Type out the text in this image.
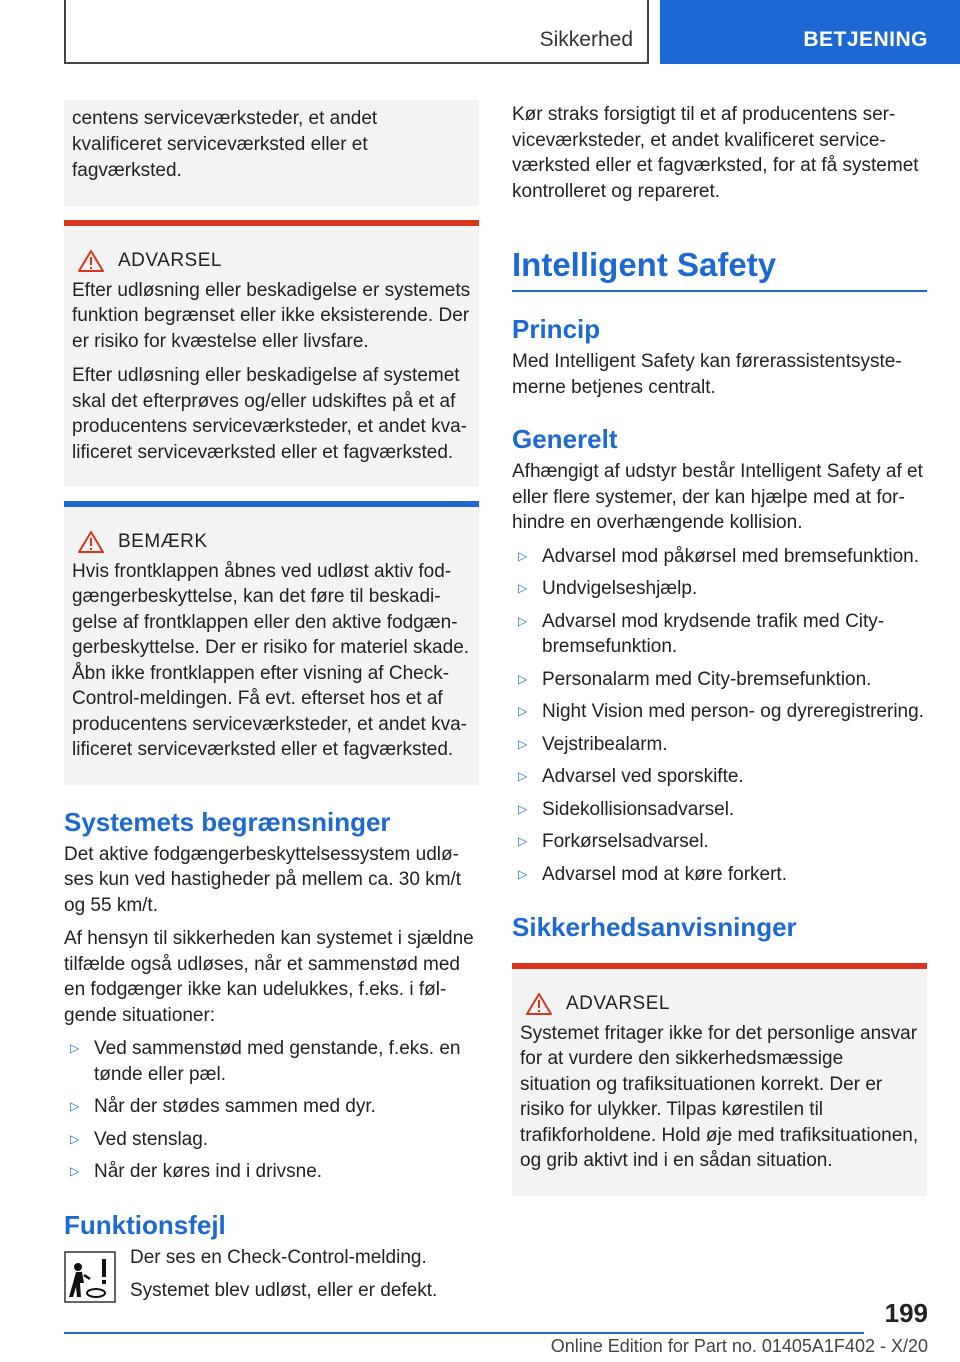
Sikkerhed	BETJENING
centens serviceværksteder, et andet kvalificeret serviceværksted eller et fagværksted.
ADVARSEL

Efter udløsning eller beskadigelse er systemets funktion begrænset eller ikke eksisterende. Der er risiko for kvæstelse eller livsfare.

Efter udløsning eller beskadigelse af systemet skal det efterprøves og/eller udskiftes på et af producentens serviceværksteder, et andet kvalificeret serviceværksted eller et fagværksted.

BEMÆRK

Hvis frontklappen åbnes ved udløst aktiv fodgængerbeskyttelse, kan det føre til beskadigelse af frontklappen eller den aktive fodgængerbeskyttelse. Der er risiko for materiel skade. Åbn ikke frontklappen efter visning af Check-Control-meldingen. Få evt. efterset hos et af producentens serviceværksteder, et andet kvalificeret serviceværksted eller et fagværksted.

Systemets begrænsninger

Det aktive fodgængerbeskyttelsessystem udløses kun ved hastigheder på mellem ca. 30 km/t og 55 km/t.

Af hensyn til sikkerheden kan systemet i sjældne tilfælde også udløses, når et sammenstød med en fodgænger ikke kan udelukkes, f.eks. i følgende situationer:

▷ Ved sammenstød med genstande, f.eks. en tønde eller pæl.
▷ Når der stødes sammen med dyr.
▷ Ved stenslag.
▷ Når der køres ind i drivsne.
Funktionsfejl

Der ses en Check-Control-melding.

Systemet blev udløst, eller er defekt.

Kør straks forsigtigt til et af producentens serviceværksteder, et andet kvalificeret serviceværksted eller et fagværksted, for at få systemet kontrolleret og repareret.

Intelligent Safety
Princip

Med Intelligent Safety kan førerassistentsystemerne betjenes centralt.

Generelt

Afhængigt af udstyr består Intelligent Safety af et eller flere systemer, der kan hjælpe med at forhindre en overhængende kollision.

▷ Advarsel mod påkørsel med bremsefunktion.
▷ Undvigelseshjælp.
▷ Advarsel mod krydsende trafik med City-bremsefunktion.
▷ Personalarm med City-bremsefunktion.
▷ Night Vision med person- og dyreregistrering.
▷ Vejstribealarm.
▷ Advarsel ved sporskifte.
▷ Sidekollisionsadvarsel.
▷ Forkørselsadvarsel.
▷ Advarsel mod at køre forkert.
Sikkerhedsanvisninger
ADVARSEL

Systemet fritager ikke for det personlige ansvar for at vurdere den sikkerhedsmæssige situation og trafiksituationen korrekt. Der er risiko for ulykker. Tilpas kørestilen til trafikforholdene. Hold øje med trafiksituationen, og grib aktivt ind i en sådan situation.

199
Online Edition for Part no. 01405A1F402 - X/20
